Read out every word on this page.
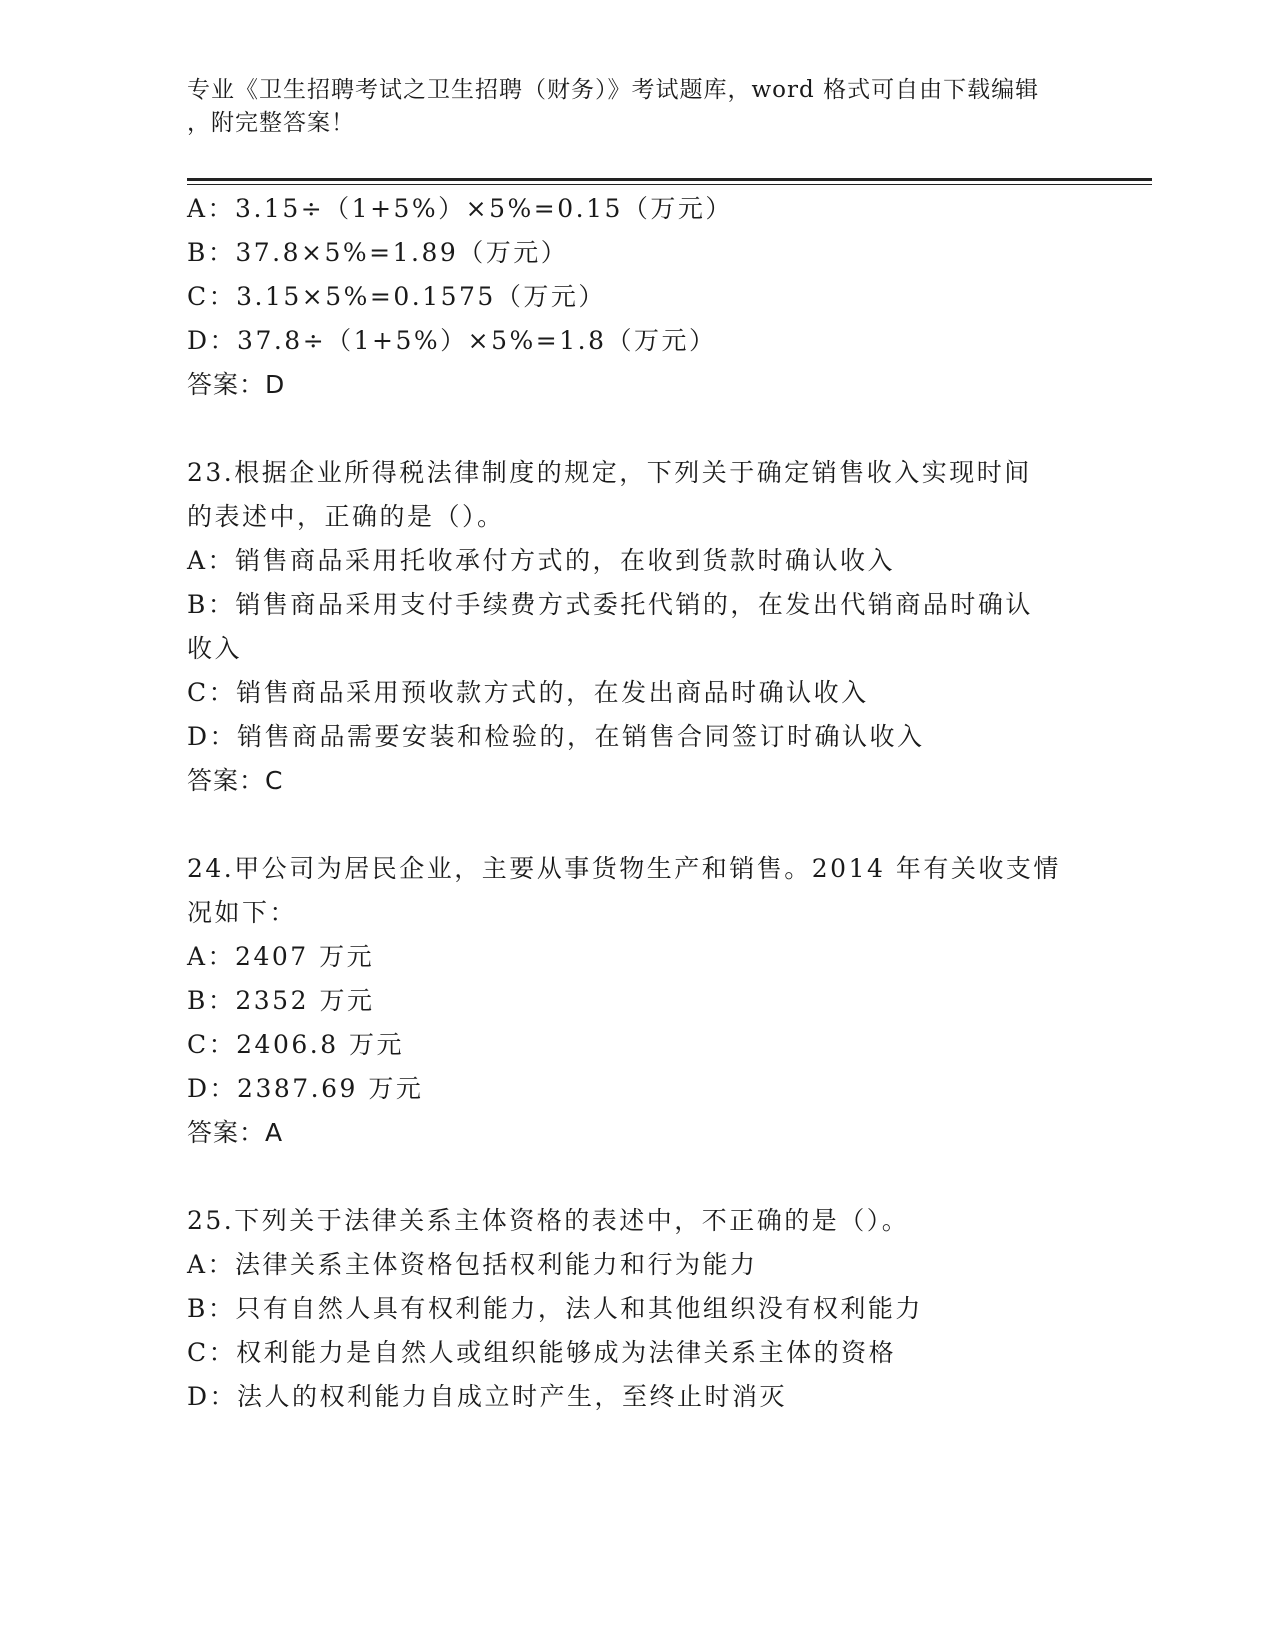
专业《卫生招聘考试之卫生招聘（财务）》考试题库，word 格式可自由下载编辑
，附完整答案！
A：3.15÷（1+5%）×5%=0.15（万元）
B：37.8×5%=1.89（万元）
C：3.15×5%=0.1575（万元）
D：37.8÷（1+5%）×5%=1.8（万元）
答案：D
23.根据企业所得税法律制度的规定，下列关于确定销售收入实现时间
的表述中，正确的是（）。
A：销售商品采用托收承付方式的，在收到货款时确认收入
B：销售商品采用支付手续费方式委托代销的，在发出代销商品时确认
收入
C：销售商品采用预收款方式的，在发出商品时确认收入
D：销售商品需要安装和检验的，在销售合同签订时确认收入
答案：C
24.甲公司为居民企业，主要从事货物生产和销售。2014 年有关收支情
况如下：
A：2407 万元
B：2352 万元
C：2406.8 万元
D：2387.69 万元
答案：A
25.下列关于法律关系主体资格的表述中，不正确的是（）。
A：法律关系主体资格包括权利能力和行为能力
B：只有自然人具有权利能力，法人和其他组织没有权利能力
C：权利能力是自然人或组织能够成为法律关系主体的资格
D：法人的权利能力自成立时产生，至终止时消灭
